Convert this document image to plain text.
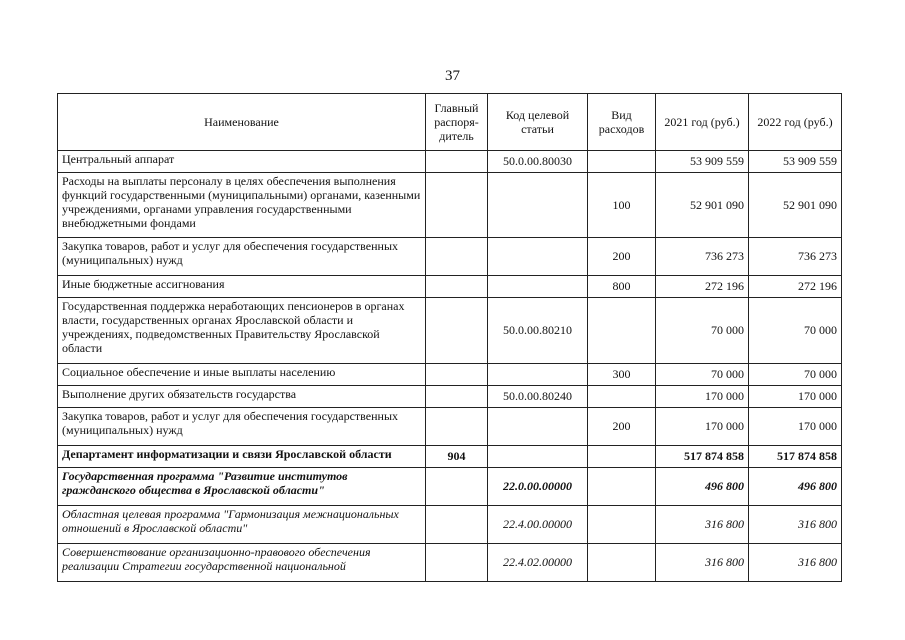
37
Наименование	Главный распоря-дитель	Код целевой статьи	Вид расходов	2021 год (руб.)	2022 год (руб.)
Центральный аппарат		50.0.00.80030		53 909 559	53 909 559
Расходы на выплаты персоналу в целях обеспечения выполнения функций государственными (муниципальными) органами, казенными учреждениями, органами управления государственными внебюджетными фондами			100	52 901 090	52 901 090
Закупка товаров, работ и услуг для обеспечения государственных (муниципальных) нужд			200	736 273	736 273
Иные бюджетные ассигнования			800	272 196	272 196
Государственная поддержка неработающих пенсионеров в органах власти, государственных органах Ярославской области и учреждениях, подведомственных Правительству Ярославской области		50.0.00.80210		70 000	70 000
Социальное обеспечение и иные выплаты населению			300	70 000	70 000
Выполнение других обязательств государства		50.0.00.80240		170 000	170 000
Закупка товаров, работ и услуг для обеспечения государственных (муниципальных) нужд			200	170 000	170 000
Департамент информатизации и связи Ярославской области	904			517 874 858	517 874 858
Государственная программа "Развитие институтов гражданского общества в Ярославской области"		22.0.00.00000		496 800	496 800
Областная целевая программа "Гармонизация межнациональных отношений в Ярославской области"		22.4.00.00000		316 800	316 800
Совершенствование организационно-правового обеспечения реализации Стратегии государственной национальной		22.4.02.00000		316 800	316 800
